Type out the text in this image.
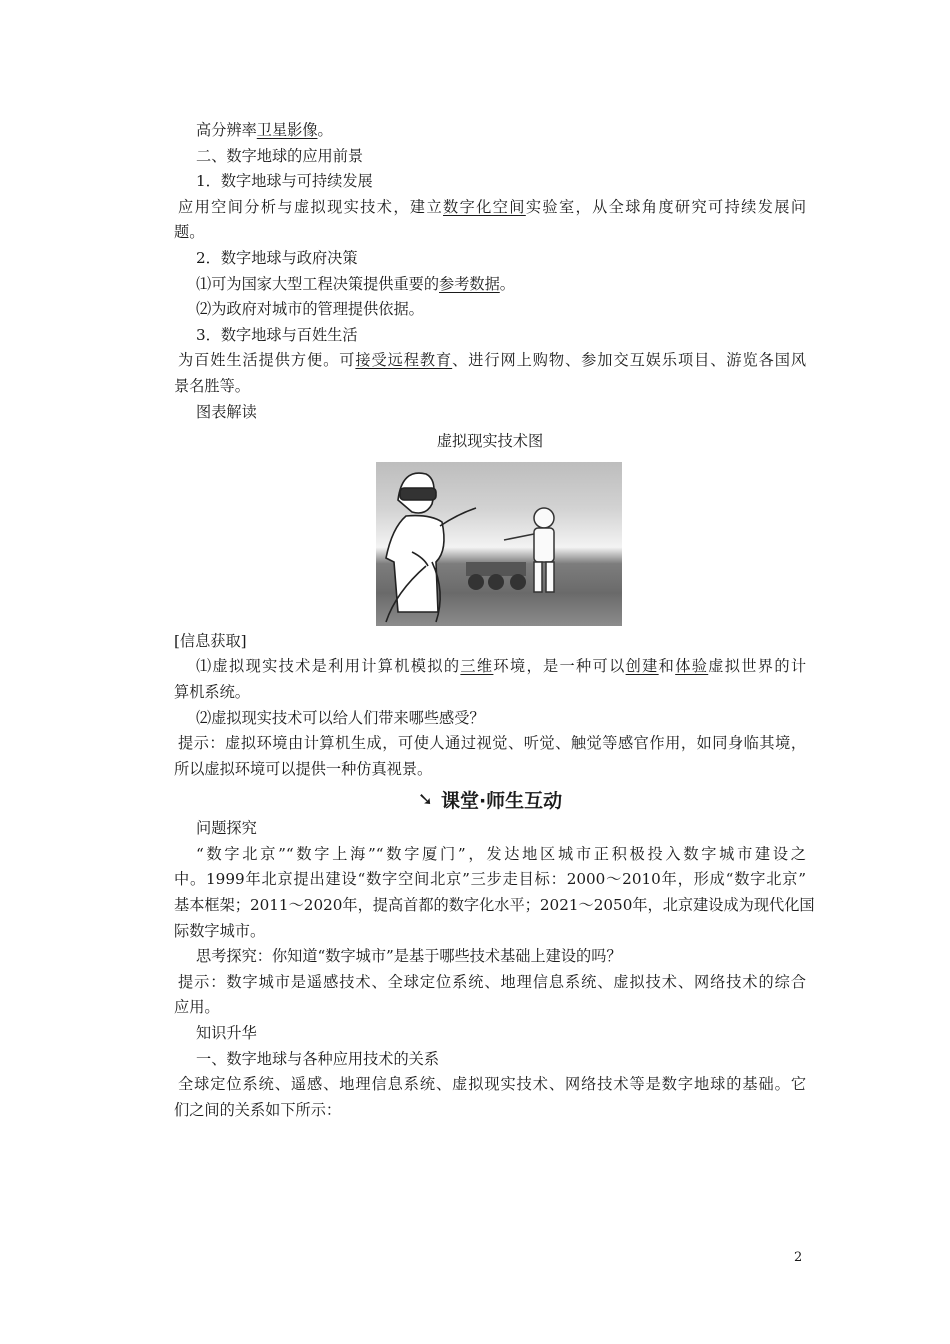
高分辨率卫星影像。
二、数字地球的应用前景
1．数字地球与可持续发展
应用空间分析与虚拟现实技术，建立数字化空间实验室，从全球角度研究可持续发展问
题。
2．数字地球与政府决策
⑴可为国家大型工程决策提供重要的参考数据。
⑵为政府对城市的管理提供依据。
3．数字地球与百姓生活
为百姓生活提供方便。可接受远程教育、进行网上购物、参加交互娱乐项目、游览各国风
景名胜等。
图表解读
虚拟现实技术图
[信息获取]
⑴虚拟现实技术是利用计算机模拟的三维环境，是一种可以创建和体验虚拟世界的计
算机系统。
⑵虚拟现实技术可以给人们带来哪些感受？
提示：虚拟环境由计算机生成，可使人通过视觉、听觉、触觉等感官作用，如同身临其境，
所以虚拟环境可以提供一种仿真视景。
➘ 课堂·师生互动
问题探究
“数字北京”“数字上海”“数字厦门”，发达地区城市正积极投入数字城市建设之
中。1999年北京提出建设“数字空间北京”三步走目标：2000～2010年，形成“数字北京”
基本框架；2011～2020年，提高首都的数字化水平；2021～2050年，北京建设成为现代化国
际数字城市。
思考探究：你知道“数字城市”是基于哪些技术基础上建设的吗？
提示：数字城市是遥感技术、全球定位系统、地理信息系统、虚拟技术、网络技术的综合
应用。
知识升华
一、数字地球与各种应用技术的关系
全球定位系统、遥感、地理信息系统、虚拟现实技术、网络技术等是数字地球的基础。它
们之间的关系如下所示：
2
